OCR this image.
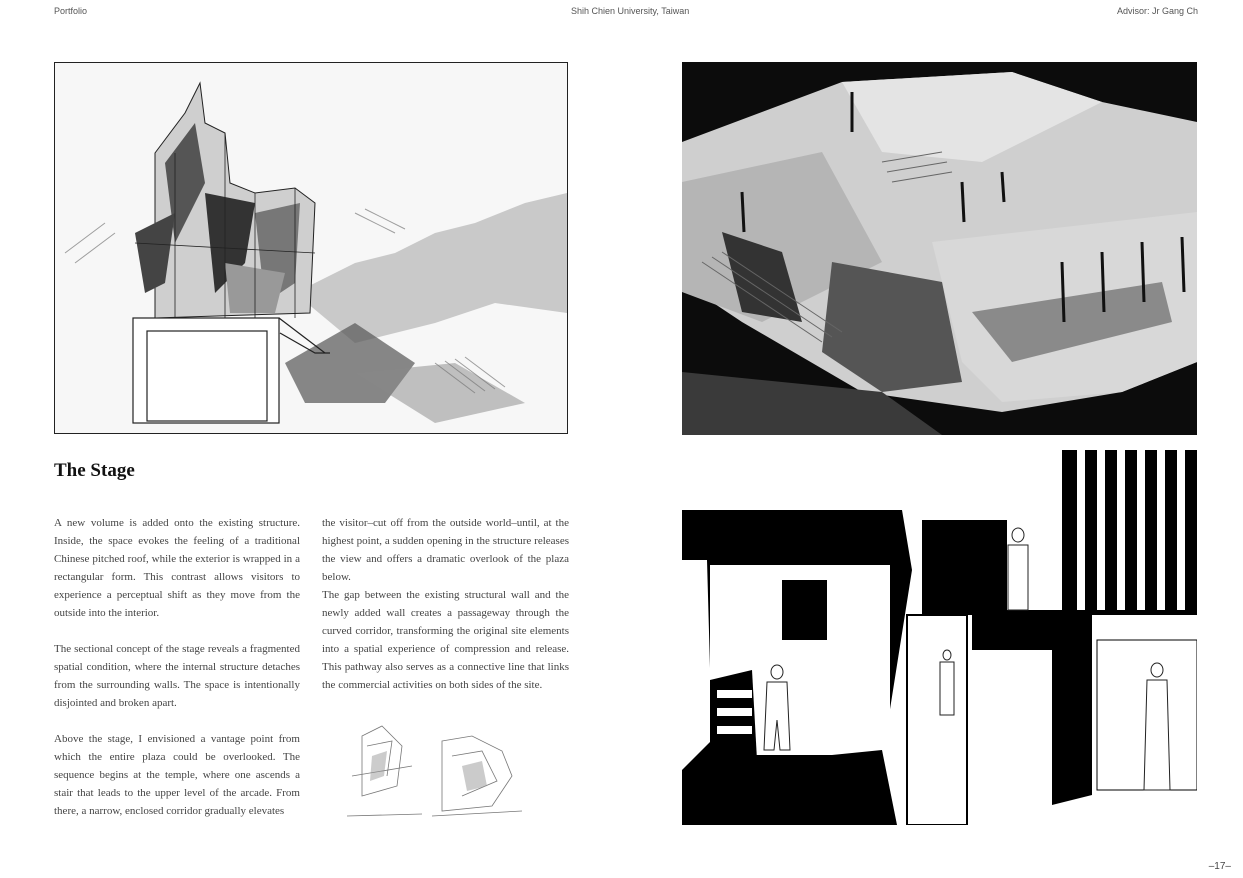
Portfolio	Shih Chien University, Taiwan	Advisor: Jr Gang Ch
The Stage

A new volume is added onto the existing structure. Inside, the space evokes the feeling of a traditional Chinese pitched roof, while the exterior is wrapped in a rectangular form. This contrast allows visitors to experience a perceptual shift as they move from the outside into the interior.

The sectional concept of the stage reveals a fragmented spatial condition, where the internal structure detaches from the surrounding walls. The space is intentionally disjointed and broken apart.

Above the stage, I envisioned a vantage point from which the entire plaza could be overlooked. The sequence begins at the temple, where one ascends a stair that leads to the upper level of the arcade. From there, a narrow, enclosed corridor gradually elevates

the visitor–cut off from the outside world–until, at the highest point, a sudden opening in the structure releases the view and offers a dramatic overlook of the plaza below.

The gap between the existing structural wall and the newly added wall creates a passageway through the curved corridor, transforming the original site elements into a spatial experience of compression and release. This pathway also serves as a connective line that links the commercial activities on both sides of the site.

–17–
